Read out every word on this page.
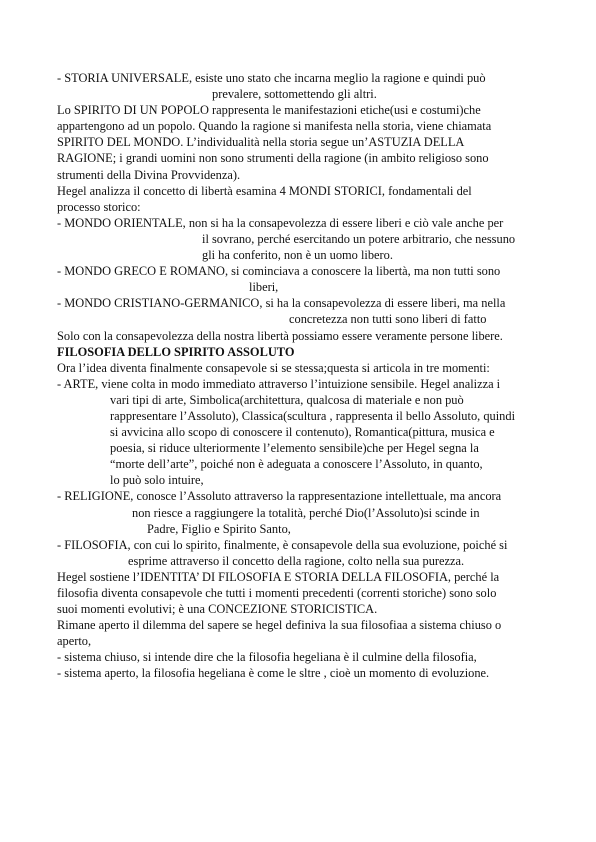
- STORIA UNIVERSALE, esiste uno stato che incarna meglio la ragione e quindi può
prevalere, sottomettendo gli altri.
Lo SPIRITO DI UN POPOLO rappresenta le manifestazioni etiche(usi e costumi)che
appartengono ad un popolo. Quando la ragione si manifesta nella storia, viene chiamata
SPIRITO DEL MONDO. L’individualità nella storia segue un’ASTUZIA DELLA
RAGIONE; i grandi uomini non sono strumenti della ragione (in ambito religioso sono
strumenti della Divina Provvidenza).
Hegel analizza il concetto di libertà esamina 4 MONDI STORICI, fondamentali del
processo storico:
- MONDO ORIENTALE, non si ha la consapevolezza di essere liberi e ciò vale anche per
il sovrano, perché esercitando un potere arbitrario, che nessuno
gli ha conferito, non è un uomo libero.
- MONDO GRECO E ROMANO, si cominciava a conoscere la libertà, ma non tutti sono
liberi,
- MONDO CRISTIANO-GERMANICO, si ha la consapevolezza di essere liberi, ma nella
concretezza non tutti sono liberi di fatto
Solo con la consapevolezza della nostra libertà possiamo essere veramente persone libere.
FILOSOFIA DELLO SPIRITO ASSOLUTO
Ora l’idea diventa finalmente consapevole si se stessa;questa si articola in tre momenti:
- ARTE, viene colta in modo immediato attraverso l’intuizione sensibile. Hegel analizza i
vari tipi di arte, Simbolica(architettura, qualcosa di materiale e non può
rappresentare l’Assoluto), Classica(scultura , rappresenta il bello Assoluto, quindi
si avvicina allo scopo di conoscere il contenuto), Romantica(pittura, musica e
poesia, si riduce ulteriormente l’elemento sensibile)che per Hegel segna la
“morte dell’arte”, poiché non è adeguata a conoscere l’Assoluto, in quanto,
lo può solo intuire,
- RELIGIONE, conosce l’Assoluto attraverso la rappresentazione intellettuale, ma ancora
non riesce a raggiungere la totalità, perché Dio(l’Assoluto)si scinde in
Padre, Figlio e Spirito Santo,
- FILOSOFIA, con cui lo spirito, finalmente, è consapevole della sua evoluzione, poiché si
esprime attraverso il concetto della ragione, colto nella sua purezza.
Hegel sostiene l’IDENTITA’ DI FILOSOFIA E STORIA DELLA FILOSOFIA, perché la
filosofia diventa consapevole che tutti i momenti precedenti (correnti storiche) sono solo
suoi momenti evolutivi; è una CONCEZIONE STORICISTICA.
Rimane aperto il dilemma del sapere se hegel definiva la sua filosofiaa a sistema chiuso o
aperto,
- sistema chiuso, si intende dire che la filosofia hegeliana è il culmine della filosofia,
- sistema aperto, la filosofia hegeliana è come le sltre , cioè un momento di evoluzione.
